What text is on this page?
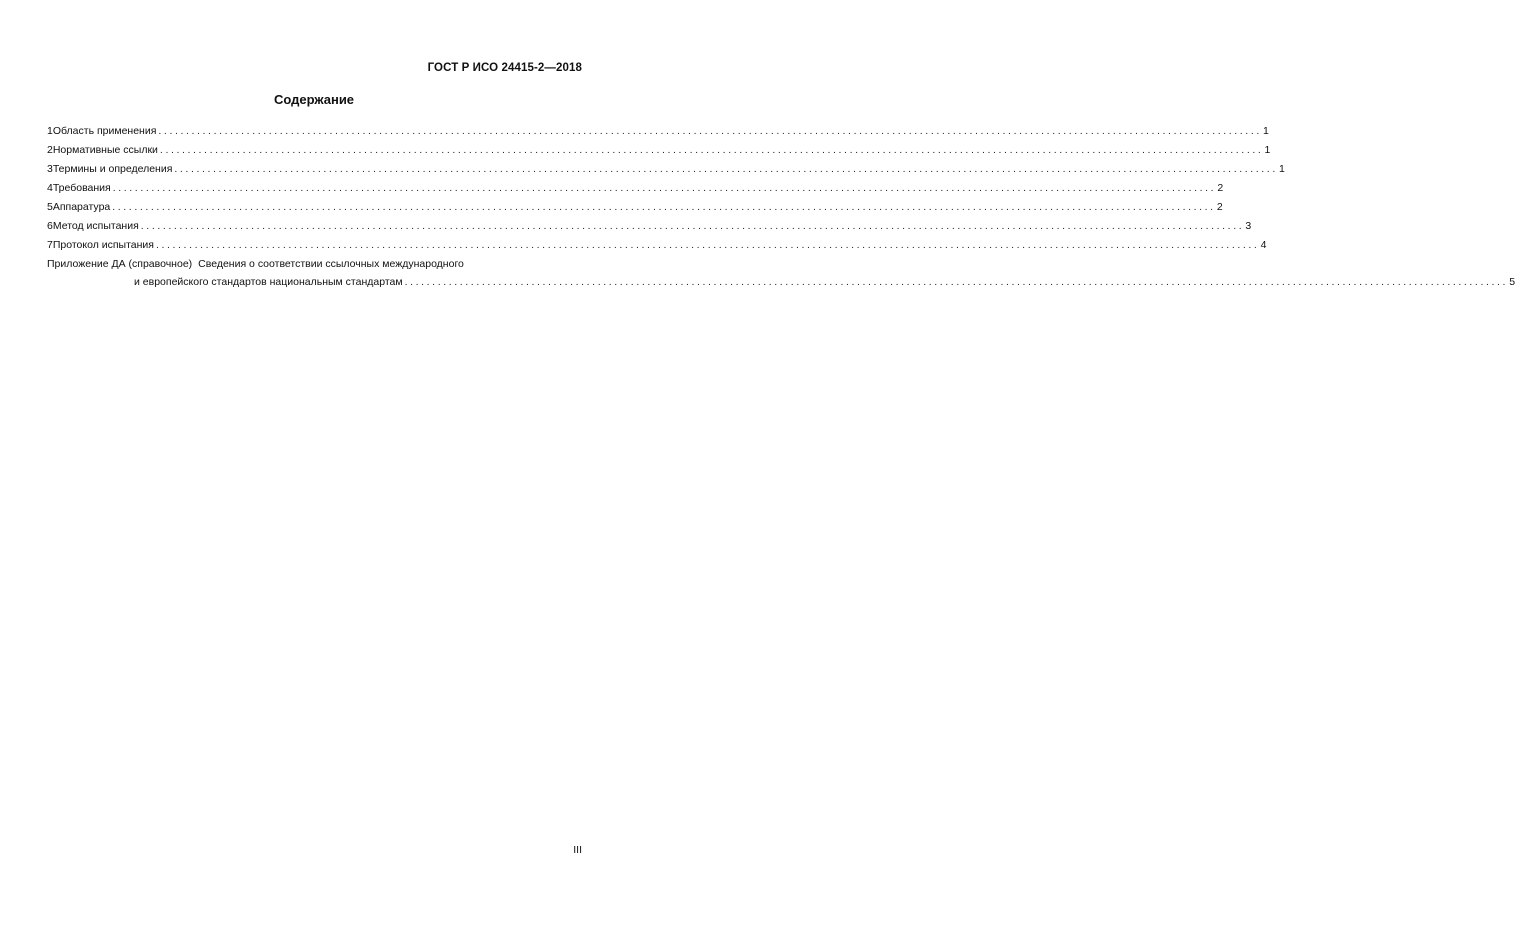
ГОСТ Р ИСО 24415-2—2018
Содержание
1 Область применения ........................................................................................................................................................................................................ 1
2 Нормативные ссылки ........................................................................................................................................................................................................ 1
3 Термины и определения ........................................................................................................................................................................................................ 1
4 Требования ........................................................................................................................................................................................................ 2
5 Аппаратура ........................................................................................................................................................................................................ 2
6 Метод испытания ........................................................................................................................................................................................................ 3
7 Протокол испытания ........................................................................................................................................................................................................ 4
Приложение ДА (справочное) Сведения о соответствии ссылочных международного
и европейского стандартов национальным стандартам ........................................................................................................................................................................................................ 5
III
